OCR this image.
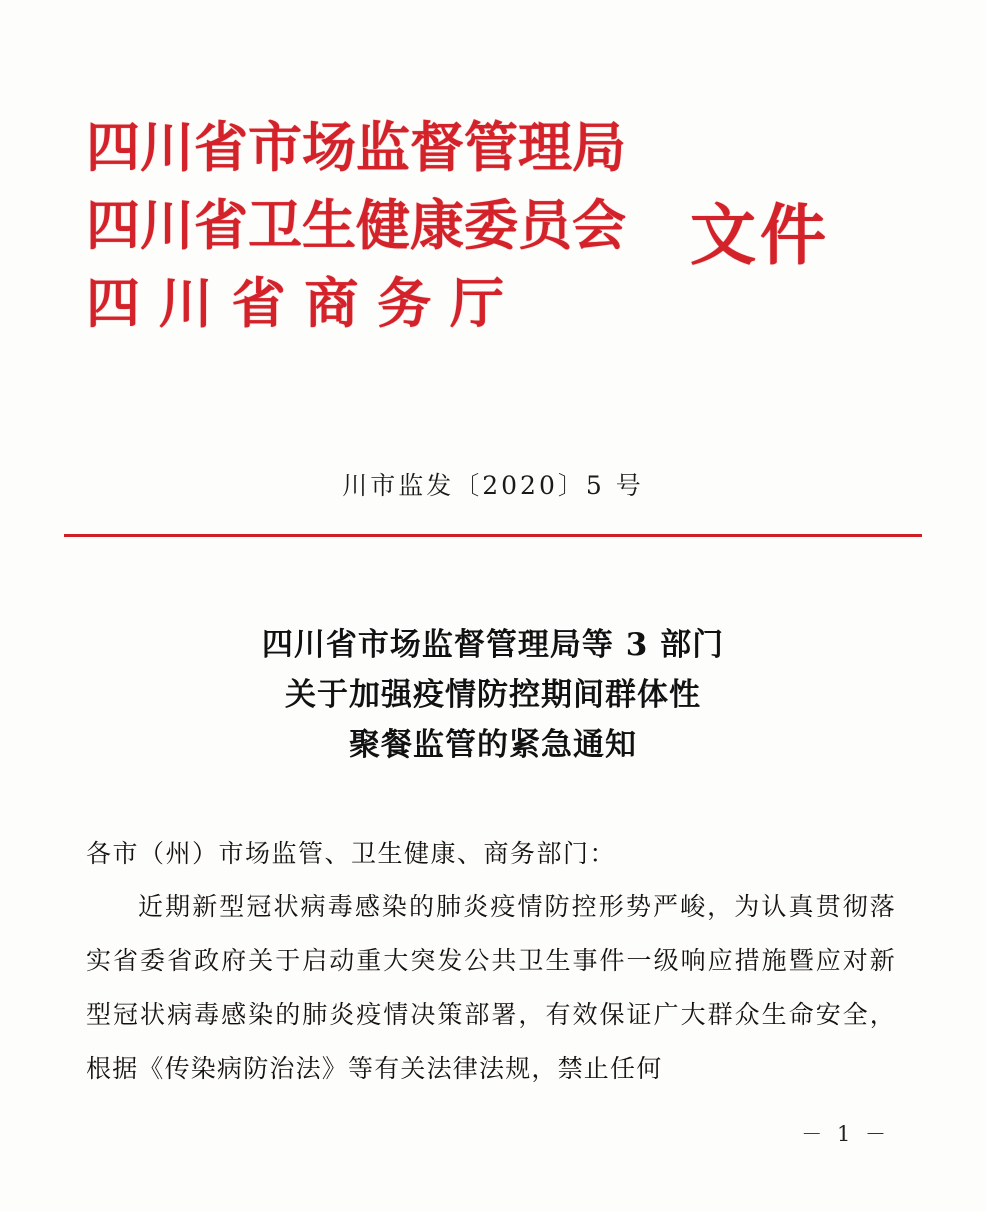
四川省市场监督管理局
四川省卫生健康委员会
四 川 省 商 务 厅
文件
川市监发〔2020〕5 号
四川省市场监督管理局等 3 部门
关于加强疫情防控期间群体性
聚餐监管的紧急通知
各市（州）市场监管、卫生健康、商务部门：
近期新型冠状病毒感染的肺炎疫情防控形势严峻，为认真贯彻落实省委省政府关于启动重大突发公共卫生事件一级响应措施暨应对新型冠状病毒感染的肺炎疫情决策部署，有效保证广大群众生命安全，根据《传染病防治法》等有关法律法规，禁止任何
－ 1 －
